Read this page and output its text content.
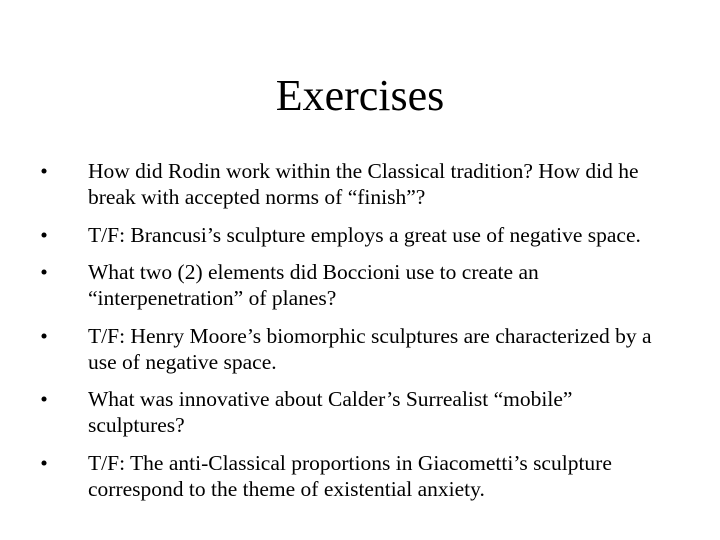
Exercises
•	How did Rodin work within the Classical tradition? How did he break with accepted norms of “finish”?
•	T/F: Brancusi’s sculpture employs a great use of negative space.
•	What two (2) elements did Boccioni use to create an “interpenetration” of planes?
•	T/F: Henry Moore’s biomorphic sculptures are characterized by a use of negative space.
•	What was innovative about Calder’s Surrealist “mobile” sculptures?
•	T/F: The anti-Classical proportions in Giacometti’s sculpture correspond to the theme of existential anxiety.
